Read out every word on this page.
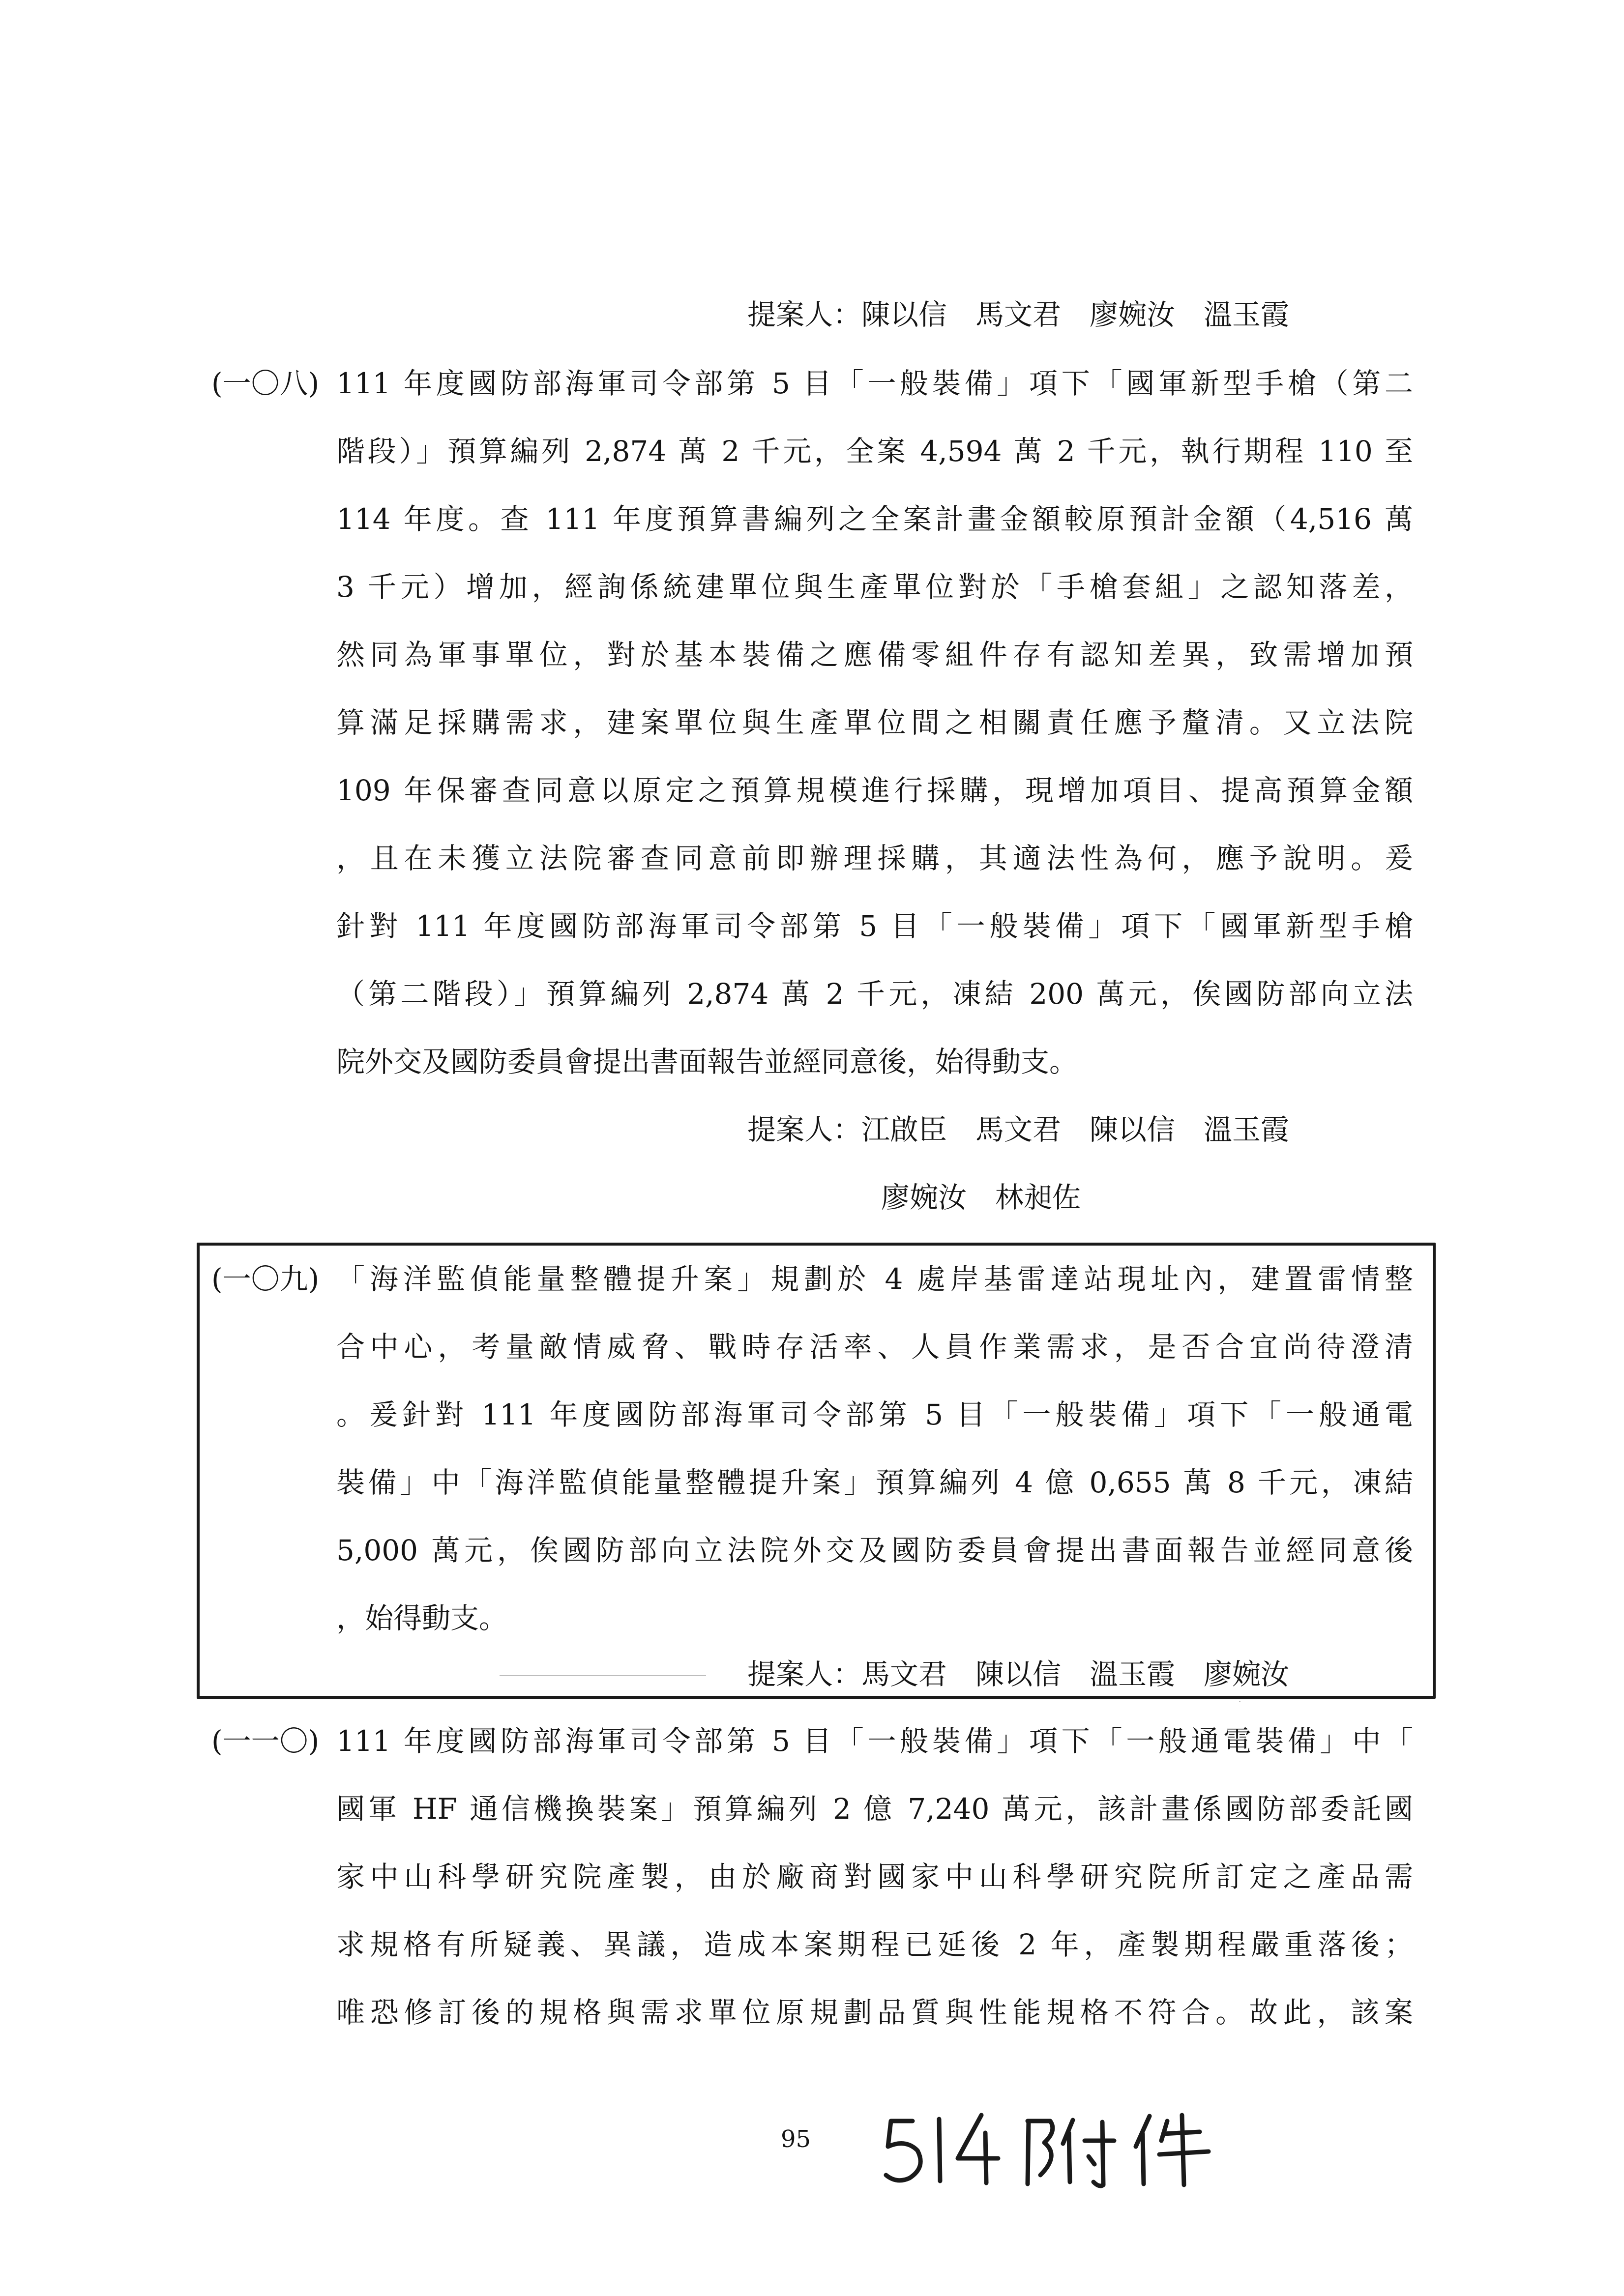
提案人：陳以信　馬文君　廖婉汝　溫玉霞
(一〇八) 111 年度國防部海軍司令部第 5 目「一般裝備」項下「國軍新型手槍（第二
階段）」預算編列 2,874 萬 2 千元，全案 4,594 萬 2 千元，執行期程 110 至
114 年度。查 111 年度預算書編列之全案計畫金額較原預計金額（4,516 萬
3 千元）增加，經詢係統建單位與生產單位對於「手槍套組」之認知落差，
然同為軍事單位，對於基本裝備之應備零組件存有認知差異，致需增加預
算滿足採購需求，建案單位與生產單位間之相關責任應予釐清。又立法院
109 年保審查同意以原定之預算規模進行採購，現增加項目、提高預算金額
，且在未獲立法院審查同意前即辦理採購，其適法性為何，應予說明。爰
針對 111 年度國防部海軍司令部第 5 目「一般裝備」項下「國軍新型手槍
（第二階段）」預算編列 2,874 萬 2 千元，凍結 200 萬元，俟國防部向立法
院外交及國防委員會提出書面報告並經同意後，始得動支。
提案人：江啟臣　馬文君　陳以信　溫玉霞
廖婉汝　林昶佐
(一〇九) 「海洋監偵能量整體提升案」規劃於 4 處岸基雷達站現址內，建置雷情整
合中心，考量敵情威脅、戰時存活率、人員作業需求，是否合宜尚待澄清
。爰針對 111 年度國防部海軍司令部第 5 目「一般裝備」項下「一般通電
裝備」中「海洋監偵能量整體提升案」預算編列 4 億 0,655 萬 8 千元，凍結
5,000 萬元，俟國防部向立法院外交及國防委員會提出書面報告並經同意後
，始得動支。
提案人：馬文君　陳以信　溫玉霞　廖婉汝
(一一〇) 111 年度國防部海軍司令部第 5 目「一般裝備」項下「一般通電裝備」中「
國軍 HF 通信機換裝案」預算編列 2 億 7,240 萬元，該計畫係國防部委託國
家中山科學研究院產製，由於廠商對國家中山科學研究院所訂定之產品需
求規格有所疑義、異議，造成本案期程已延後 2 年，產製期程嚴重落後；
唯恐修訂後的規格與需求單位原規劃品質與性能規格不符合。故此，該案
95
